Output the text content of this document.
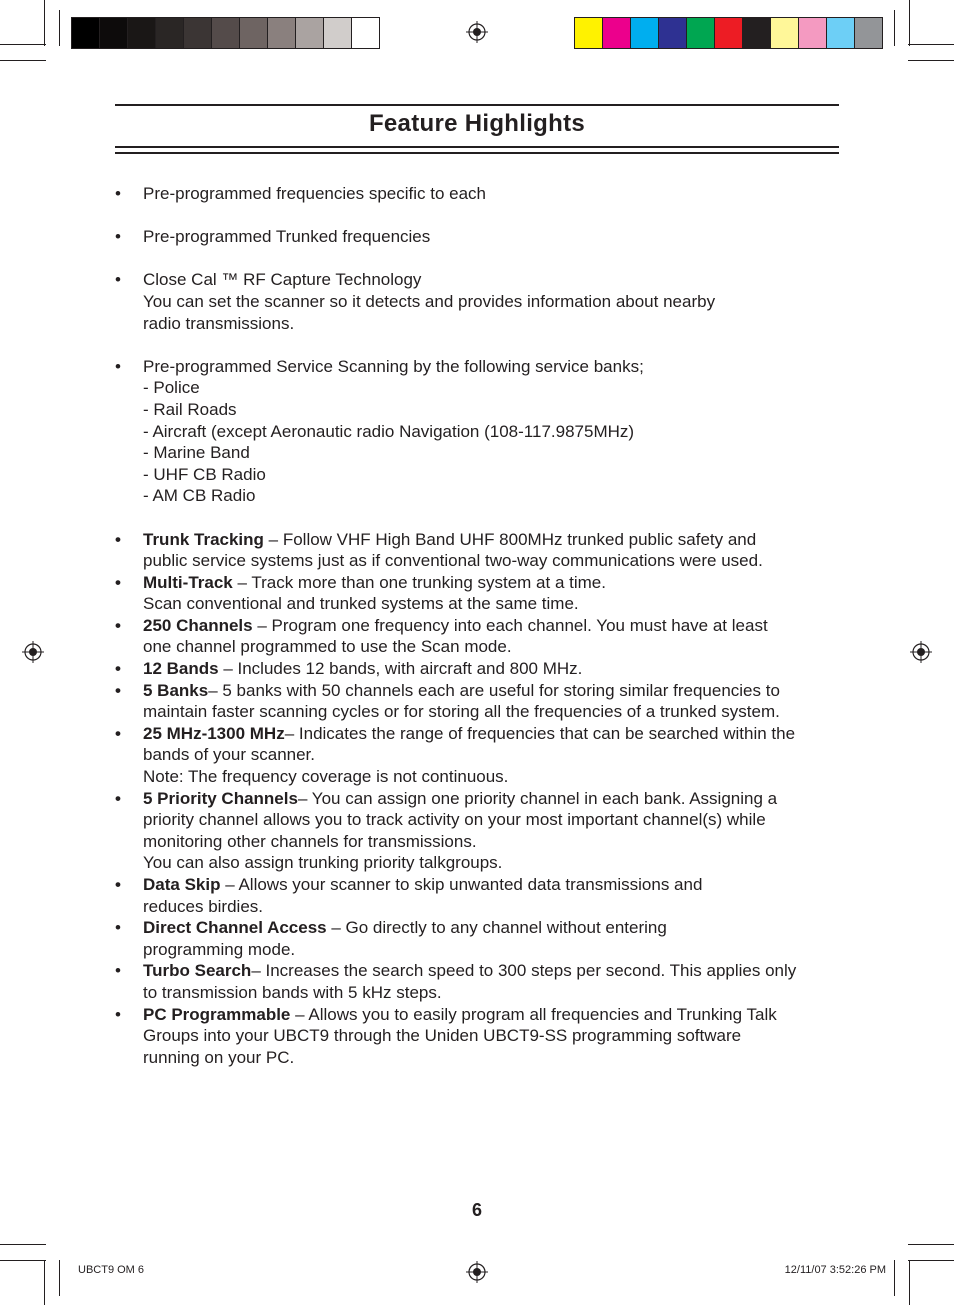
Feature Highlights
•	Pre-programmed frequencies specific to each
•	Pre-programmed Trunked frequencies
•	Close Cal ™ RF Capture Technology
You can set the scanner so it detects and provides information about nearby
radio transmissions.
•	Pre-programmed Service Scanning by the following service banks;
- Police
- Rail Roads
- Aircraft (except Aeronautic radio Navigation (108-117.9875MHz)
- Marine Band
- UHF CB Radio
- AM CB Radio
•	Trunk Tracking – Follow VHF High Band UHF 800MHz trunked public safety and
public service systems just as if conventional two-way communications were used.
•	Multi-Track – Track more than one trunking system at a time.
Scan conventional and trunked systems at the same time.
•	250 Channels – Program one frequency into each channel. You must have at least
one channel programmed to use the Scan mode.
•	12 Bands – Includes 12 bands, with aircraft and 800 MHz.
•	5 Banks– 5 banks with 50 channels each are useful for storing similar frequencies to
maintain faster scanning cycles or for storing all the frequencies of a trunked system.
•	25 MHz-1300 MHz– Indicates the range of frequencies that can be searched within the
bands of your scanner.
Note: The frequency coverage is not continuous.
•	5 Priority Channels– You can assign one priority channel in each bank. Assigning a
priority channel allows you to track activity on your most important channel(s) while
monitoring other channels for transmissions.
You can also assign trunking priority talkgroups.
•	Data Skip – Allows your scanner to skip unwanted data transmissions and
reduces birdies.
•	Direct Channel Access – Go directly to any channel without entering
programming mode.
•	Turbo Search– Increases the search speed to 300 steps per second. This applies only
to transmission bands with 5 kHz steps.
•	PC Programmable – Allows you to easily program all frequencies and Trunking Talk
Groups into your UBCT9 through the Uniden UBCT9-SS programming software
running on your PC.
6
UBCT9 OM 6	12/11/07 3:52:26 PM
